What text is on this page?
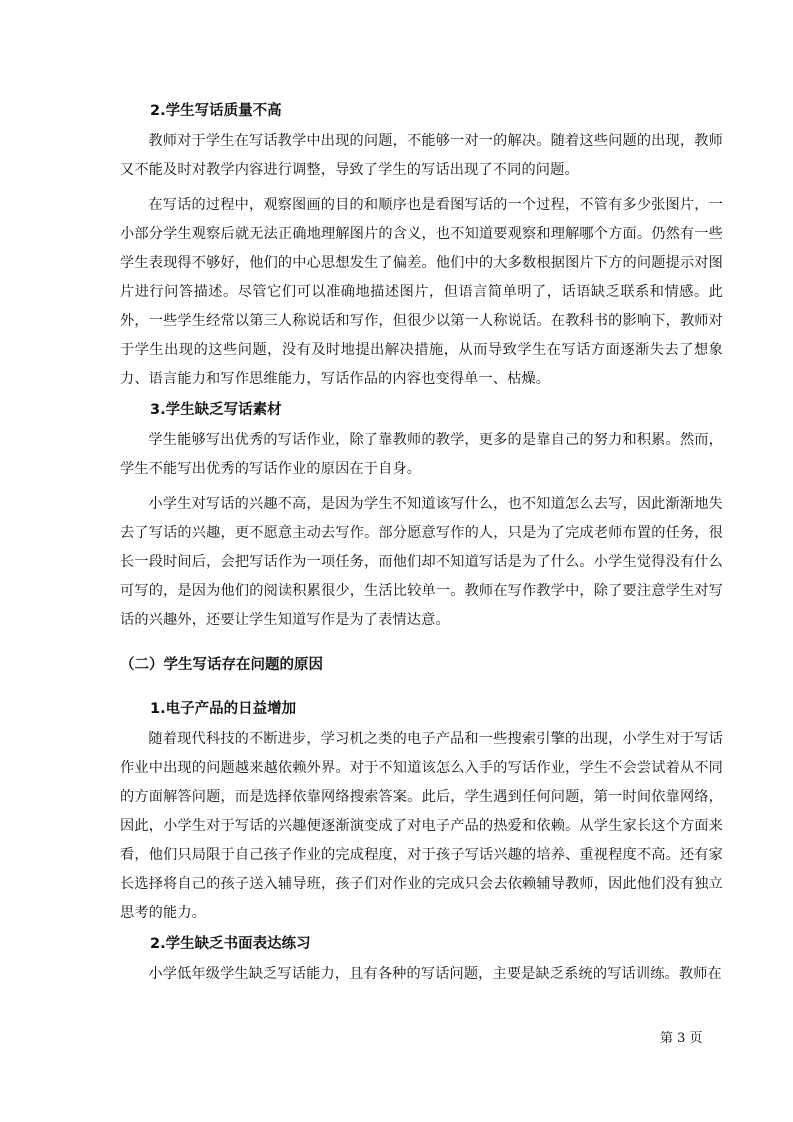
2.学生写话质量不高

教师对于学生在写话教学中出现的问题，不能够一对一的解决。随着这些问题的出现，教师又不能及时对教学内容进行调整，导致了学生的写话出现了不同的问题。

在写话的过程中，观察图画的目的和顺序也是看图写话的一个过程，不管有多少张图片，一小部分学生观察后就无法正确地理解图片的含义，也不知道要观察和理解哪个方面。仍然有一些学生表现得不够好，他们的中心思想发生了偏差。他们中的大多数根据图片下方的问题提示对图片进行问答描述。尽管它们可以准确地描述图片，但语言简单明了，话语缺乏联系和情感。此外，一些学生经常以第三人称说话和写作，但很少以第一人称说话。在教科书的影响下，教师对于学生出现的这些问题，没有及时地提出解决措施，从而导致学生在写话方面逐渐失去了想象力、语言能力和写作思维能力，写话作品的内容也变得单一、枯燥。

3.学生缺乏写话素材

学生能够写出优秀的写话作业，除了靠教师的教学，更多的是靠自己的努力和积累。然而，学生不能写出优秀的写话作业的原因在于自身。

小学生对写话的兴趣不高，是因为学生不知道该写什么，也不知道怎么去写，因此渐渐地失去了写话的兴趣，更不愿意主动去写作。部分愿意写作的人，只是为了完成老师布置的任务，很长一段时间后，会把写话作为一项任务，而他们却不知道写话是为了什么。小学生觉得没有什么可写的，是因为他们的阅读积累很少，生活比较单一。教师在写作教学中，除了要注意学生对写话的兴趣外，还要让学生知道写作是为了表情达意。

（二）学生写话存在问题的原因
1.电子产品的日益增加

随着现代科技的不断进步，学习机之类的电子产品和一些搜索引擎的出现，小学生对于写话作业中出现的问题越来越依赖外界。对于不知道该怎么入手的写话作业，学生不会尝试着从不同的方面解答问题，而是选择依靠网络搜索答案。此后，学生遇到任何问题，第一时间依靠网络，因此，小学生对于写话的兴趣便逐渐演变成了对电子产品的热爱和依赖。从学生家长这个方面来看，他们只局限于自己孩子作业的完成程度，对于孩子写话兴趣的培养、重视程度不高。还有家长选择将自己的孩子送入辅导班，孩子们对作业的完成只会去依赖辅导教师，因此他们没有独立思考的能力。

2.学生缺乏书面表达练习

小学低年级学生缺乏写话能力，且有各种的写话问题，主要是缺乏系统的写话训练。教师在

第 3 页
